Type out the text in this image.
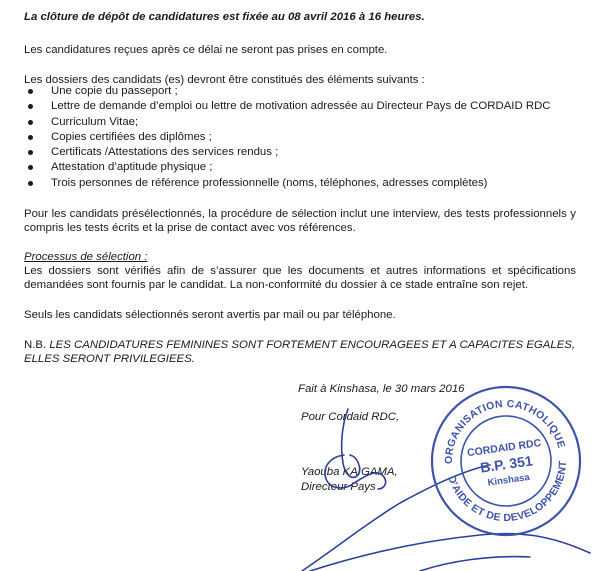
La clôture de dépôt de candidatures est fixée au 08 avril 2016 à 16 heures.
Les candidatures reçues après ce délai ne seront pas prises en compte.
Les dossiers des candidats (es) devront être constitués des éléments suivants :
Une copie du passeport ;
Lettre de demande d’emploi ou lettre de motivation adressée au Directeur Pays de CORDAID RDC
Curriculum Vitae;
Copies certifiées des diplômes ;
Certificats /Attestations des services rendus ;
Attestation d’aptitude physique ;
Trois personnes de référence professionnelle (noms, téléphones, adresses complètes)
Pour les candidats présélectionnés, la procédure de sélection inclut une interview, des tests professionnels y compris les tests écrits et la prise de contact avec vos références.
Processus de sélection :
Les dossiers sont vérifiés afin de s’assurer que les documents et autres informations et spécifications demandées sont fournis par le candidat. La non-conformité du dossier à ce stade entraîne son rejet.
Seuls les candidats sélectionnés seront avertis par mail ou par téléphone.
N.B. LES CANDIDATURES FEMININES SONT FORTEMENT ENCOURAGEES ET A CAPACITES EGALES, ELLES SERONT PRIVILEGIEES.
Fait à Kinshasa, le 30 mars 2016
Pour Cordaid RDC,
Yaouba KAIGAMA,
Directeur Pays
ORGANISATION CATHOLIQUE
D'AIDE ET DE DEVELOPPEMENT
CORDAID RDC
B.P. 351
Kinshasa
